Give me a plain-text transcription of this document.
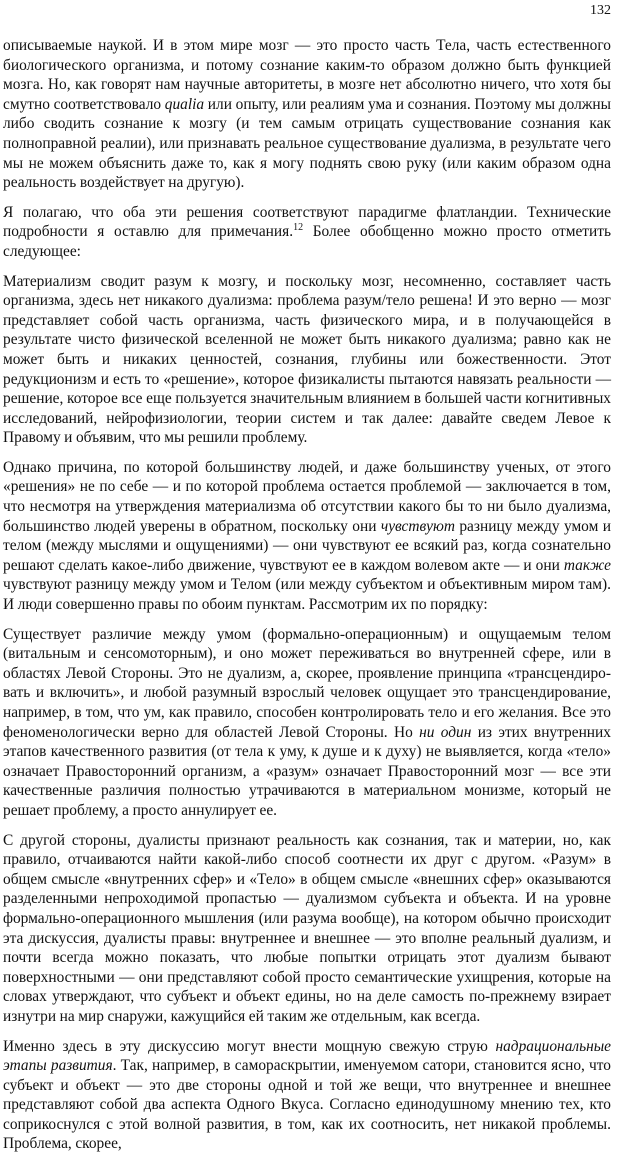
132

описываемые наукой. И в этом мире мозг — это просто часть Тела, часть естественного биологического организма, и потому сознание каким-то образом должно быть функцией мозга. Но, как говорят нам научные авторитеты, в мозге нет абсолютно ничего, что хотя бы смутно соответствовало qualia или опыту, или реалиям ума и сознания. Поэтому мы должны либо сводить сознание к мозгу (и тем самым отрицать существование сознания как полноправной реалии), или признавать реальное существование дуализма, в результате чего мы не можем объяснить даже то, как я могу поднять свою руку (или каким образом одна реальность воздействует на другую).

Я полагаю, что оба эти решения соответствуют парадигме флатландии. Технические подробности я оставлю для примечания.$^{12}$ Более обобщенно можно просто отметить следующее:

Материализм сводит разум к мозгу, и поскольку мозг, несомненно, составляет часть организма, здесь нет никакого дуализма: проблема разум/тело решена! И это верно — мозг представляет собой часть организма, часть физического мира, и в получающейся в результате чисто физической вселенной не может быть никакого дуализма; равно как не может быть и никаких ценностей, сознания, глубины или божественности. Этот редукционизм и есть то «решение», которое физикалисты пытаются навязать реальности — решение, которое все еще пользуется значительным влиянием в большей части когнитивных исследований, нейрофизиологии, теории систем и так далее: давайте сведем Левое к Правому и объявим, что мы решили проблему.

Однако причина, по которой большинству людей, и даже большинству ученых, от этого «решения» не по себе — и по которой проблема остается проблемой — заключается в том, что несмотря на утверждения материализма об отсутствии какого бы то ни было дуализма, большинство людей уверены в обратном, поскольку они чувствуют разницу между умом и телом (между мыслями и ощущениями) — они чувствуют ее всякий раз, когда сознательно решают сделать какое-либо движение, чувствуют ее в каждом волевом акте — и они также чувствуют разницу между умом и Телом (или между субъектом и объективным миром там). И люди совершенно правы по обоим пунктам. Рассмотрим их по порядку:

Существует различие между умом (формально-операционным) и ощущаемым телом (витальным и сенсомоторным), и оно может переживаться во внутренней сфере, или в областях Левой Стороны. Это не дуализм, а, скорее, проявление принципа «трансцендиро-вать и включить», и любой разумный взрослый человек ощущает это трансцендирование, например, в том, что ум, как правило, способен контролировать тело и его желания. Все это феноменологически верно для областей Левой Стороны. Но ни один из этих внутренних этапов качественного развития (от тела к уму, к душе и к духу) не выявляется, когда «тело» означает Правосторонний организм, а «разум» означает Правосторонний мозг — все эти качественные различия полностью утрачиваются в материальном монизме, который не решает проблему, а просто аннулирует ее.

С другой стороны, дуалисты признают реальность как сознания, так и материи, но, как правило, отчаиваются найти какой-либо способ соотнести их друг с другом. «Разум» в общем смысле «внутренних сфер» и «Тело» в общем смысле «внешних сфер» оказываются разделенными непроходимой пропастью — дуализмом субъекта и объекта. И на уровне формально-операционного мышления (или разума вообще), на котором обычно происходит эта дискуссия, дуалисты правы: внутреннее и внешнее — это вполне реальный дуализм, и почти всегда можно показать, что любые попытки отрицать этот дуализм бывают поверхностными — они представляют собой просто семантические ухищрения, которые на словах утверждают, что субъект и объект едины, но на деле самость по-прежнему взирает изнутри на мир снаружи, кажущийся ей таким же отдельным, как всегда.

Именно здесь в эту дискуссию могут внести мощную свежую струю надрациональные этапы развития. Так, например, в самораскрытии, именуемом сатори, становится ясно, что субъект и объект — это две стороны одной и той же вещи, что внутреннее и внешнее представляют собой два аспекта Одного Вкуса. Согласно единодушному мнению тех, кто соприкоснулся с этой волной развития, в том, как их соотносить, нет никакой проблемы. Проблема, скорее,
